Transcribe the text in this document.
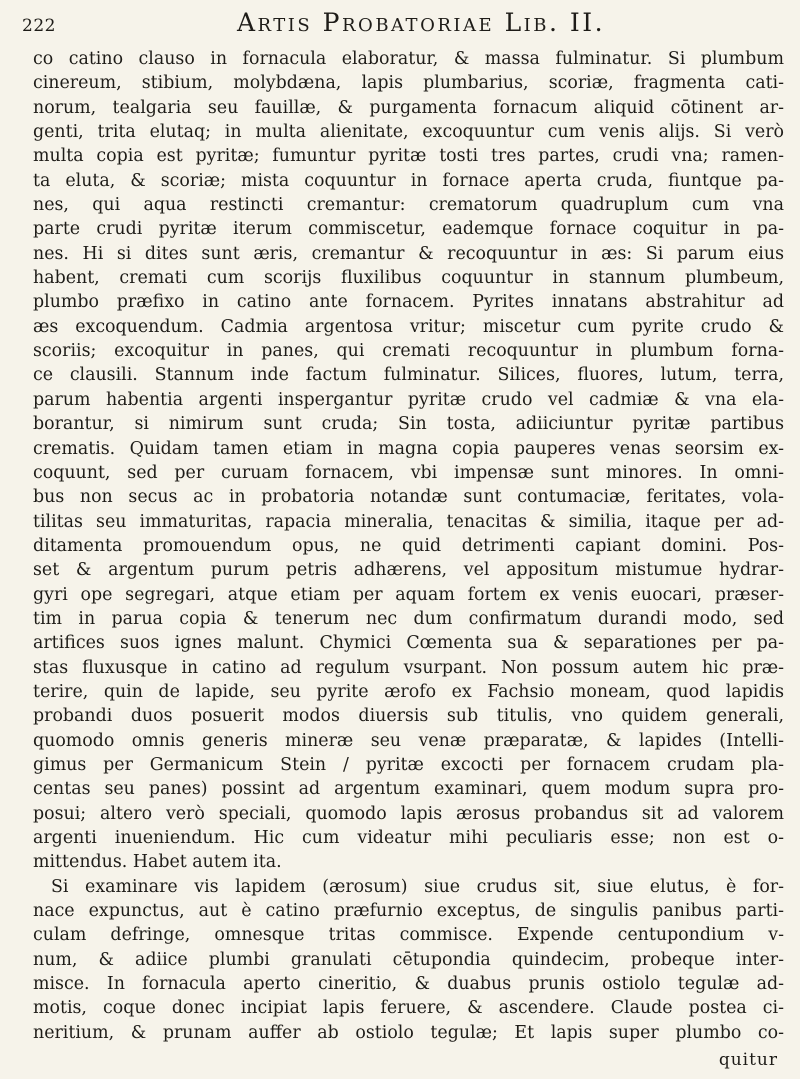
222	Artis Probatoriae Lib. II.
co catino clauso in fornacula elaboratur, & massa fulminatur. Si plumbum
cinereum, stibium, molybdæna, lapis plumbarius, scoriæ, fragmenta cati-
norum, tealgaria seu fauillæ, & purgamenta fornacum aliquid cōtinent ar-
genti, trita elutaq; in multa alienitate, excoquuntur cum venis alijs. Si verò
multa copia est pyritæ; fumuntur pyritæ tosti tres partes, crudi vna; ramen-
ta eluta, & scoriæ; mista coquuntur in fornace aperta cruda, fiuntque pa-
nes, qui aqua restincti cremantur: crematorum quadruplum cum vna
parte crudi pyritæ iterum commiscetur, eademque fornace coquitur in pa-
nes. Hi si dites sunt æris, cremantur & recoquuntur in æs: Si parum eius
habent, cremati cum scorijs fluxilibus coquuntur in stannum plumbeum,
plumbo præfixo in catino ante fornacem. Pyrites innatans abstrahitur ad
æs excoquendum. Cadmia argentosa vritur; miscetur cum pyrite crudo &
scoriis; excoquitur in panes, qui cremati recoquuntur in plumbum forna-
ce clausili. Stannum inde factum fulminatur. Silices, fluores, lutum, terra,
parum habentia argenti inspergantur pyritæ crudo vel cadmiæ & vna ela-
borantur, si nimirum sunt cruda; Sin tosta, adiiciuntur pyritæ partibus
crematis. Quidam tamen etiam in magna copia pauperes venas seorsim ex-
coquunt, sed per curuam fornacem, vbi impensæ sunt minores. In omni-
bus non secus ac in probatoria notandæ sunt contumaciæ, feritates, vola-
tilitas seu immaturitas, rapacia mineralia, tenacitas & similia, itaque per ad-
ditamenta promouendum opus, ne quid detrimenti capiant domini. Pos-
set & argentum purum petris adhærens, vel appositum mistumue hydrar-
gyri ope segregari, atque etiam per aquam fortem ex venis euocari, præser-
tim in parua copia & tenerum nec dum confirmatum durandi modo, sed
artifices suos ignes malunt. Chymici Cœmenta sua & separationes per pa-
stas fluxusque in catino ad regulum vsurpant. Non possum autem hic præ-
terire, quin de lapide, seu pyrite ærofo ex Fachsio moneam, quod lapidis
probandi duos posuerit modos diuersis sub titulis, vno quidem generali,
quomodo omnis generis mineræ seu venæ præparatæ, & lapides (Intelli-
gimus per Germanicum Stein / pyritæ excocti per fornacem crudam pla-
centas seu panes) possint ad argentum examinari, quem modum supra pro-
posui; altero verò speciali, quomodo lapis ærosus probandus sit ad valorem
argenti inueniendum. Hic cum videatur mihi peculiaris esse; non est o-
mittendus. Habet autem ita.
Si examinare vis lapidem (ærosum) siue crudus sit, siue elutus, è for-
nace expunctus, aut è catino præfurnio exceptus, de singulis panibus parti-
culam defringe, omnesque tritas commisce. Expende centupondium v-
num, & adiice plumbi granulati cētupondia quindecim, probeque inter-
misce. In fornacula aperto cineritio, & duabus prunis ostiolo tegulæ ad-
motis, coque donec incipiat lapis feruere, & ascendere. Claude postea ci-
neritium, & prunam auffer ab ostiolo tegulæ; Et lapis super plumbo co-
quitur
